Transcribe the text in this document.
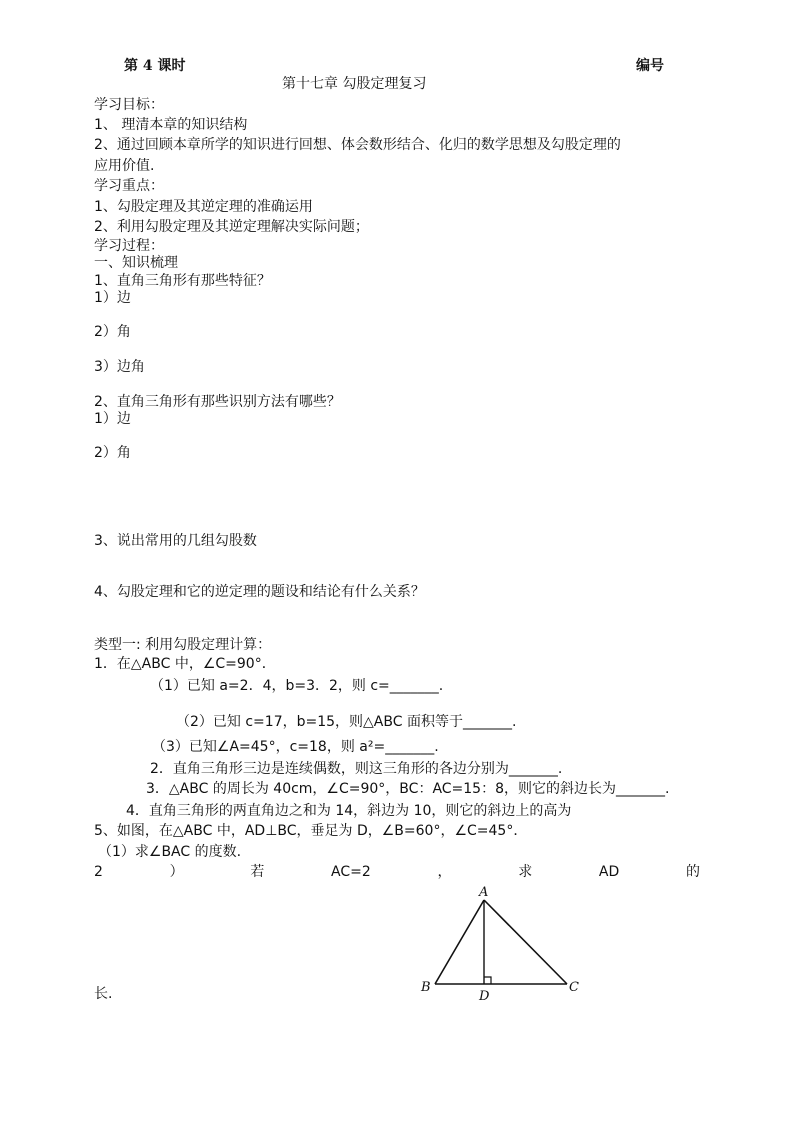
第 4 课时	编号
第十七章 勾股定理复习
学习目标：
1、 理清本章的知识结构
2、通过回顾本章所学的知识进行回想、体会数形结合、化归的数学思想及勾股定理的
应用价值.
学习重点：
1、勾股定理及其逆定理的准确运用
2、利用勾股定理及其逆定理解决实际问题；
学习过程：
一、知识梳理
1、直角三角形有那些特征？
1）边
2）角
3）边角
2、直角三角形有那些识别方法有哪些？
1）边
2）角
3、说出常用的几组勾股数
4、勾股定理和它的逆定理的题设和结论有什么关系？
类型一: 利用勾股定理计算：
1．在△ABC 中，∠C=90°．
（1）已知 a=2．4，b=3．2，则 c=_______.
（2）已知 c=17，b=15，则△ABC 面积等于_______.
（3）已知∠A=45°，c=18，则 a²=_______.
2．直角三角形三边是连续偶数，则这三角形的各边分别为_______.
3．△ABC 的周长为 40cm，∠C=90°，BC：AC=15：8，则它的斜边长为_______.
4．直角三角形的两直角边之和为 14，斜边为 10，则它的斜边上的高为
5、如图，在△ABC 中，AD⊥BC，垂足为 D，∠B=60°，∠C=45°．
（1）求∠BAC 的度数.
2	）	若	AC=2	，	求	AD	的
长.
A
B	C
D
